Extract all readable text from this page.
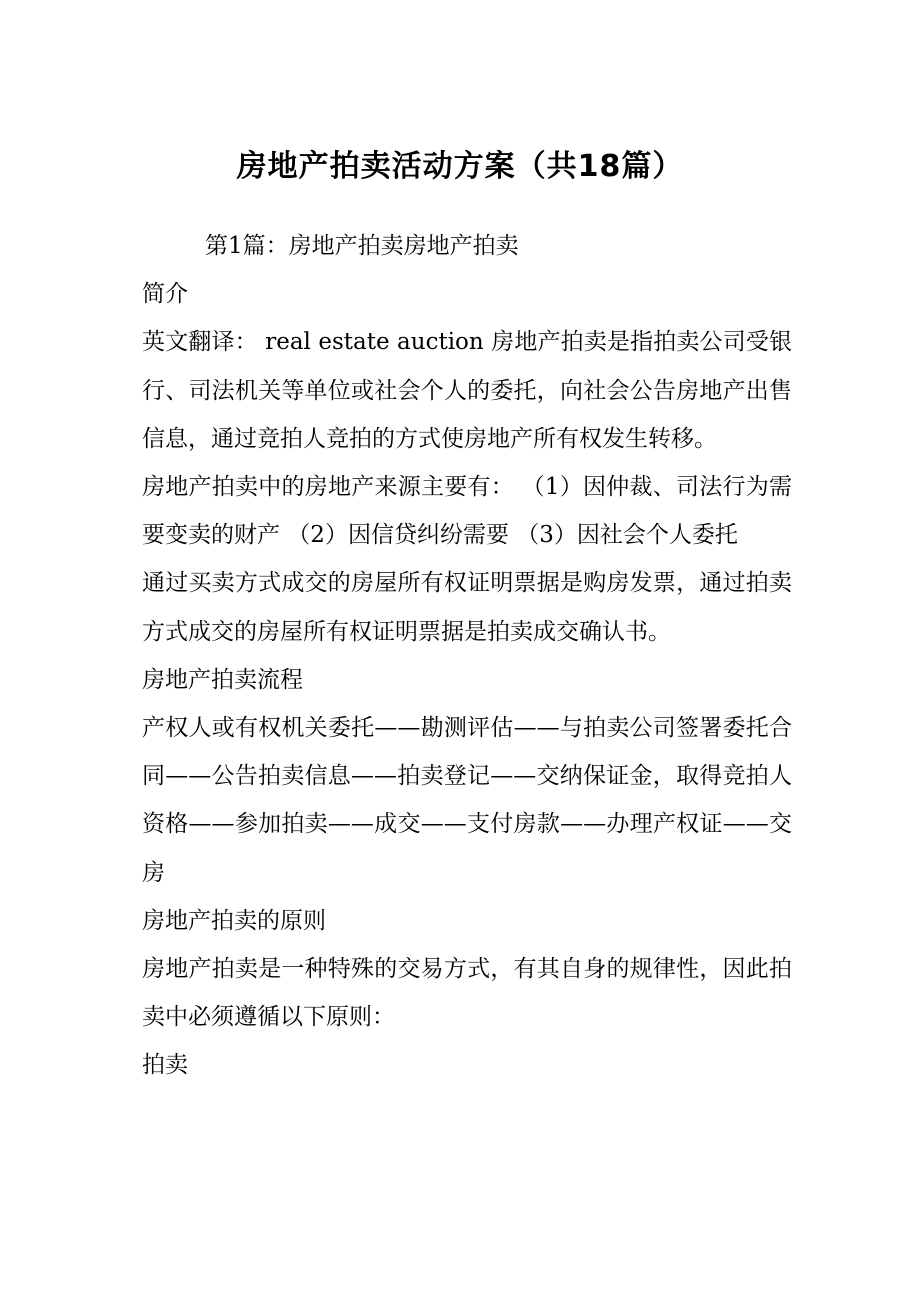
房地产拍卖活动方案（共18篇）

第1篇：房地产拍卖房地产拍卖

简介

英文翻译： real estate auction 房地产拍卖是指拍卖公司受银行、司法机关等单位或社会个人的委托，向社会公告房地产出售信息，通过竞拍人竞拍的方式使房地产所有权发生转移。

房地产拍卖中的房地产来源主要有： （1）因仲裁、司法行为需要变卖的财产 （2）因信贷纠纷需要 （3）因社会个人委托

通过买卖方式成交的房屋所有权证明票据是购房发票，通过拍卖方式成交的房屋所有权证明票据是拍卖成交确认书。

房地产拍卖流程

产权人或有权机关委托——勘测评估——与拍卖公司签署委托合同——公告拍卖信息——拍卖登记——交纳保证金，取得竞拍人资格——参加拍卖——成交——支付房款——办理产权证——交房

房地产拍卖的原则

房地产拍卖是一种特殊的交易方式，有其自身的规律性，因此拍卖中必须遵循以下原则：

拍卖
